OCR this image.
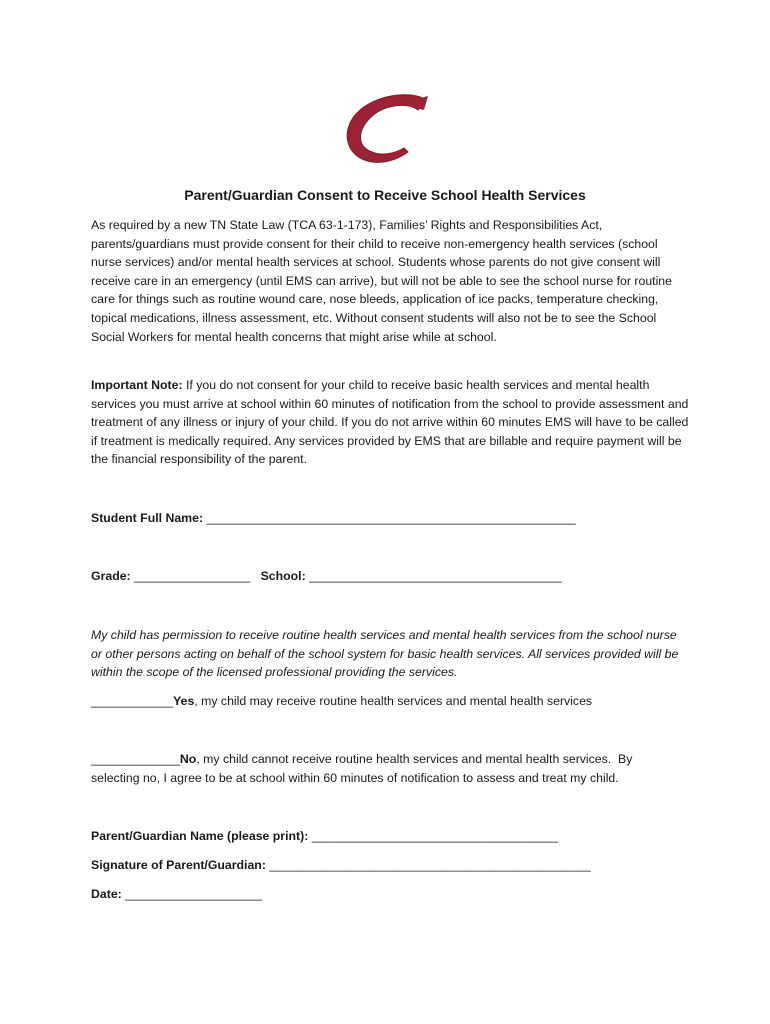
Parent/Guardian Consent to Receive School Health Services
As required by a new TN State Law (TCA 63-1-173), Families’ Rights and Responsibilities Act, parents/guardians must provide consent for their child to receive non-emergency health services (school nurse services) and/or mental health services at school. Students whose parents do not give consent will receive care in an emergency (until EMS can arrive), but will not be able to see the school nurse for routine care for things such as routine wound care, nose bleeds, application of ice packs, temperature checking, topical medications, illness assessment, etc. Without consent students will also not be to see the School Social Workers for mental health concerns that might arise while at school.
Important Note: If you do not consent for your child to receive basic health services and mental health services you must arrive at school within 60 minutes of notification from the school to provide assessment and treatment of any illness or injury of your child. If you do not arrive within 60 minutes EMS will have to be called if treatment is medically required. Any services provided by EMS that are billable and require payment will be the financial responsibility of the parent.
Student Full Name: ______________________________________________________
Grade: _________________ School: _____________________________________
My child has permission to receive routine health services and mental health services from the school nurse or other persons acting on behalf of the school system for basic health services. All services provided will be within the scope of the licensed professional providing the services.
____________Yes, my child may receive routine health services and mental health services
_____________No, my child cannot receive routine health services and mental health services.  By
selecting no, I agree to be at school within 60 minutes of notification to assess and treat my child.
Parent/Guardian Name (please print): ____________________________________
Signature of Parent/Guardian: _______________________________________________
Date: ____________________
